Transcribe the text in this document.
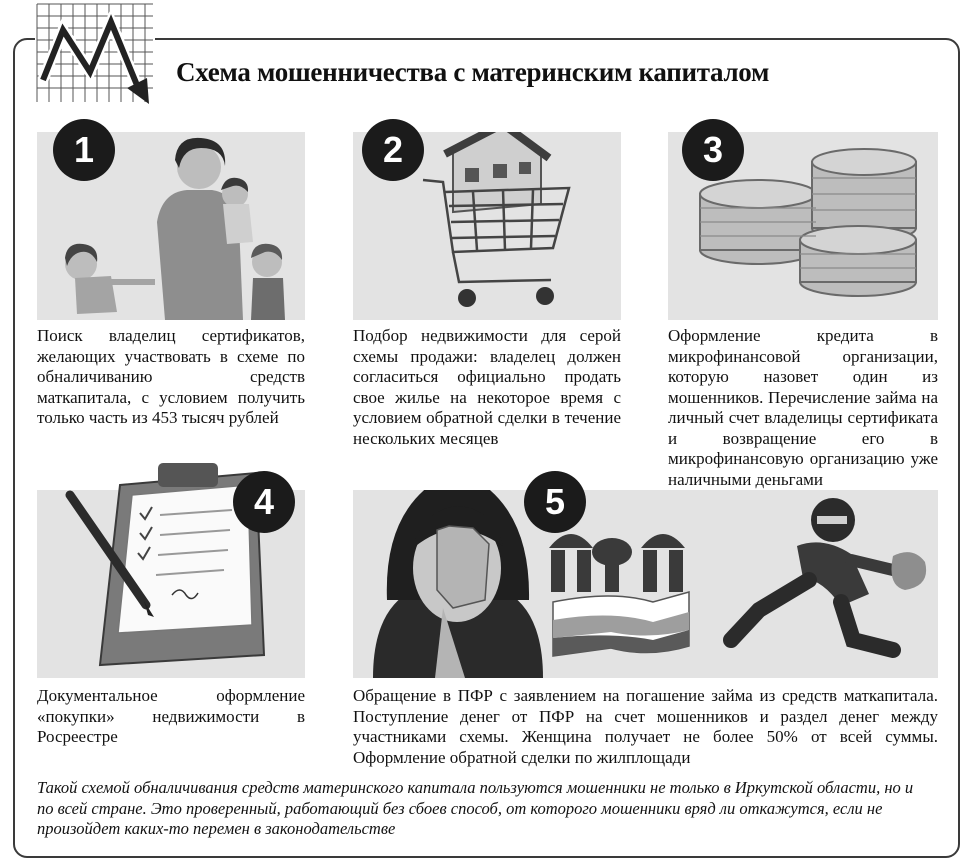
Схема мошенничества с материнским капиталом
1

Поиск владелиц сертификатов, желающих участвовать в схеме по обналичиванию средств маткапитала, с условием получить только часть из 453 тысяч рублей

2

Подбор недвижимости для серой схемы продажи: владелец должен согласиться официально продать свое жилье на некоторое время с условием обратной сделки в течение нескольких месяцев

3

Оформление кредита в микрофинансовой организации, которую назовет один из мошенников. Перечисление займа на личный счет владелицы сертификата и возвращение его в микрофинансовую организацию уже наличными деньгами

4

Документальное оформление «покупки» недвижимости в Росреестре

5

Обращение в ПФР с заявлением на погашение займа из средств маткапитала. Поступление денег от ПФР на счет мошенников и раздел денег между участниками схемы. Женщина получает не более 50% от всей суммы. Оформление обратной сделки по жилплощади

Такой схемой обналичивания средств материнского капитала пользуются мошенники не только в Иркутской области, но и по всей стране. Это проверенный, работающий без сбоев способ, от которого мошенники вряд ли откажутся, если не произойдет каких-то перемен в законодательстве
